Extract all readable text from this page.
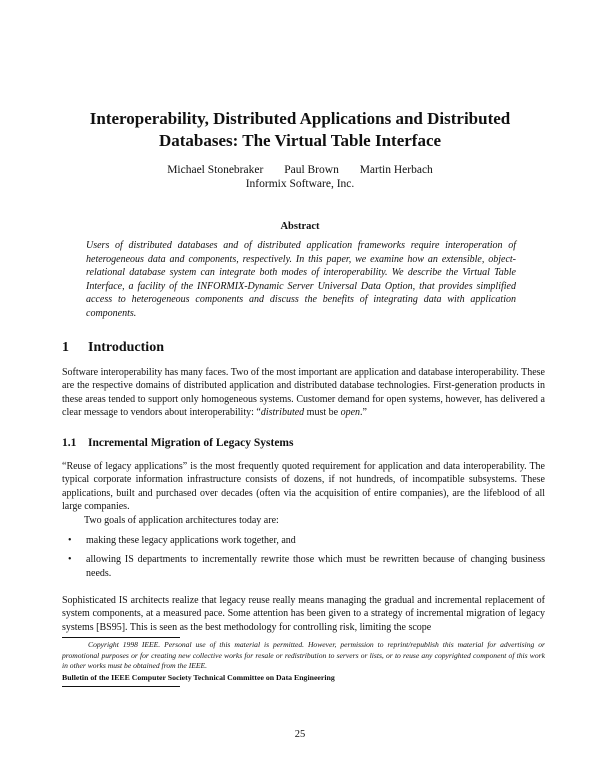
Interoperability, Distributed Applications and Distributed
Databases: The Virtual Table Interface
Michael Stonebraker Paul Brown Martin Herbach
Informix Software, Inc.
Abstract
Users of distributed databases and of distributed application frameworks require interoperation of heterogeneous data and components, respectively. In this paper, we examine how an extensible, object-relational database system can integrate both modes of interoperability. We describe the Virtual Table Interface, a facility of the INFORMIX-Dynamic Server Universal Data Option, that provides simplified access to heterogeneous components and discuss the benefits of integrating data with application components.
1 Introduction
Software interoperability has many faces. Two of the most important are application and database interoperability. These are the respective domains of distributed application and distributed database technologies. First-generation products in these areas tended to support only homogeneous systems. Customer demand for open systems, however, has delivered a clear message to vendors about interoperability: “distributed must be open.”
1.1 Incremental Migration of Legacy Systems
“Reuse of legacy applications” is the most frequently quoted requirement for application and data interoperability. The typical corporate information infrastructure consists of dozens, if not hundreds, of incompatible subsystems. These applications, built and purchased over decades (often via the acquisition of entire companies), are the lifeblood of all large companies.
Two goals of application architectures today are:
• making these legacy applications work together, and
• allowing IS departments to incrementally rewrite those which must be rewritten because of changing business needs.
Sophisticated IS architects realize that legacy reuse really means managing the gradual and incremental replacement of system components, at a measured pace. Some attention has been given to a strategy of incremental migration of legacy systems [BS95]. This is seen as the best methodology for controlling risk, limiting the scope
Copyright 1998 IEEE. Personal use of this material is permitted. However, permission to reprint/republish this material for advertising or promotional purposes or for creating new collective works for resale or redistribution to servers or lists, or to reuse any copyrighted component of this work in other works must be obtained from the IEEE.
Bulletin of the IEEE Computer Society Technical Committee on Data Engineering
25
